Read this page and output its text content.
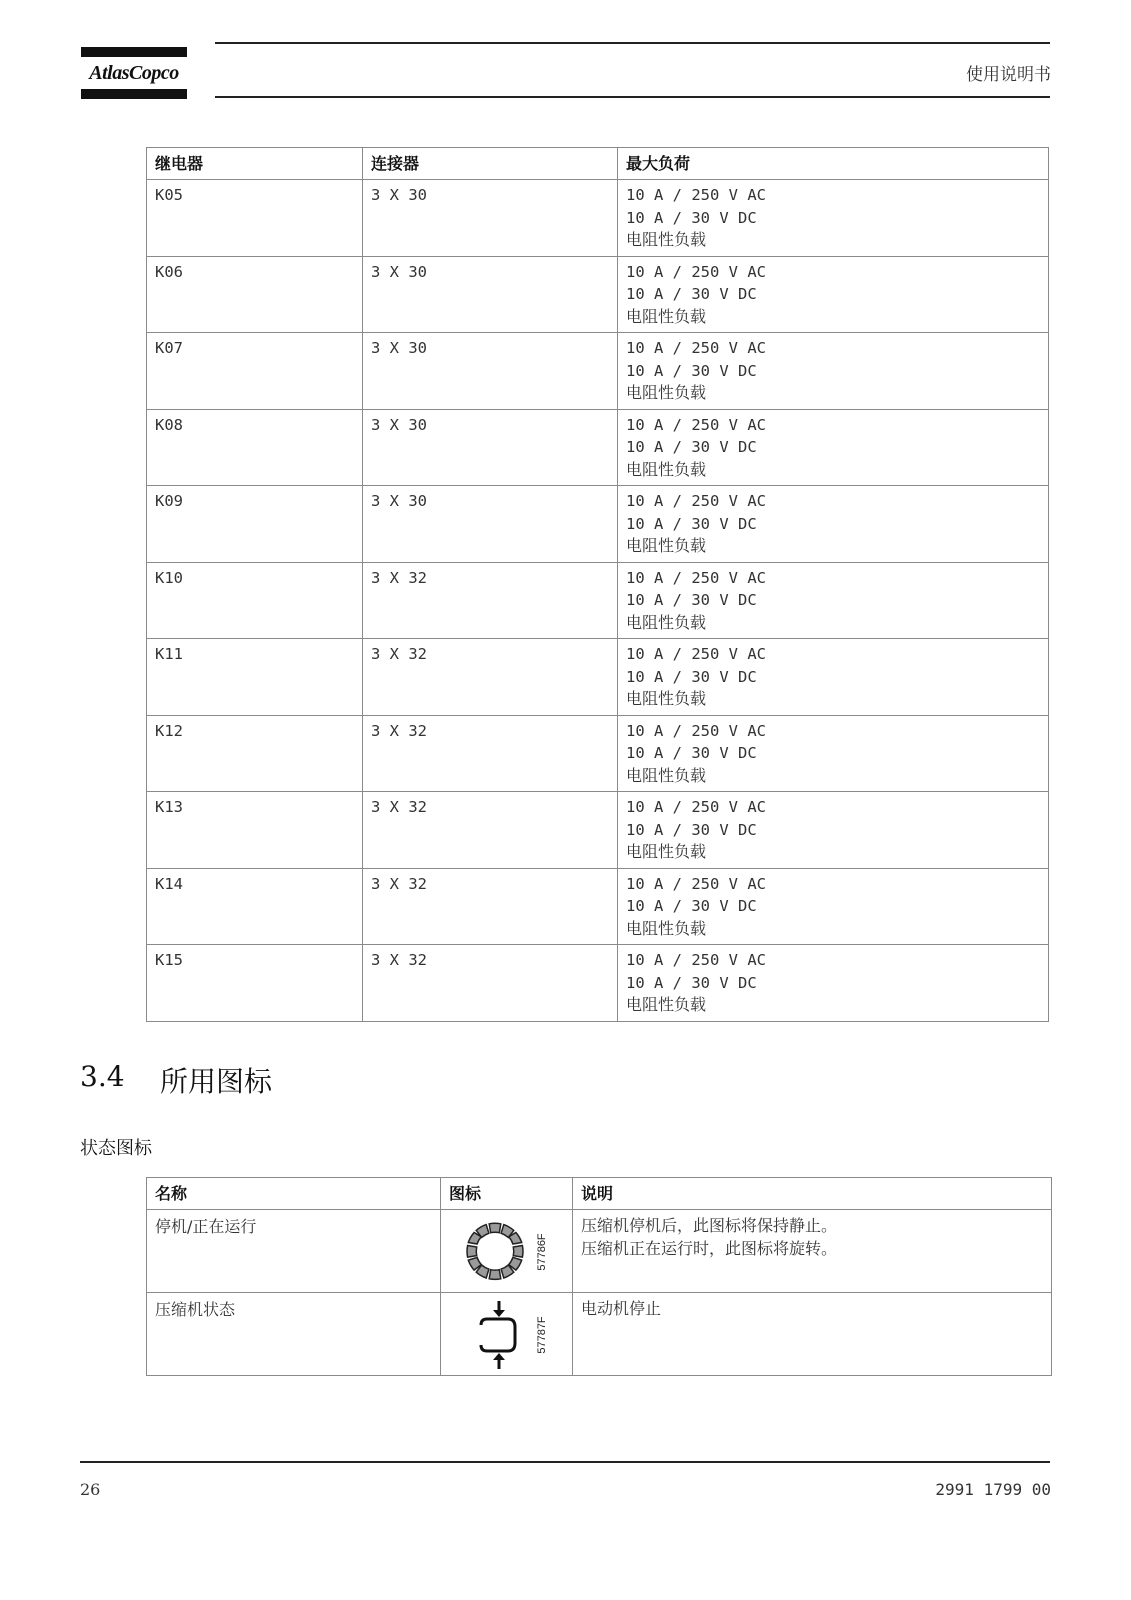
AtlasCopco	使用说明书
继电器	连接器	最大负荷
K05	3 X 30	10 A / 250 V AC
10 A / 30 V DC
电阻性负载

K06	3 X 30	10 A / 250 V AC
10 A / 30 V DC
电阻性负载

K07	3 X 30	10 A / 250 V AC
10 A / 30 V DC
电阻性负载

K08	3 X 30	10 A / 250 V AC
10 A / 30 V DC
电阻性负载

K09	3 X 30	10 A / 250 V AC
10 A / 30 V DC
电阻性负载

K10	3 X 32	10 A / 250 V AC
10 A / 30 V DC
电阻性负载

K11	3 X 32	10 A / 250 V AC
10 A / 30 V DC
电阻性负载

K12	3 X 32	10 A / 250 V AC
10 A / 30 V DC
电阻性负载

K13	3 X 32	10 A / 250 V AC
10 A / 30 V DC
电阻性负载

K14	3 X 32	10 A / 250 V AC
10 A / 30 V DC
电阻性负载

K15	3 X 32	10 A / 250 V AC
10 A / 30 V DC
电阻性负载
3.4 所用图标
状态图标
名称	图标	说明
停机/正在运行	57786F	压缩机停机后，此图标将保持静止。
压缩机正在运行时，此图标将旋转。

压缩机状态	57787F	电动机停止
26	2991 1799 00
